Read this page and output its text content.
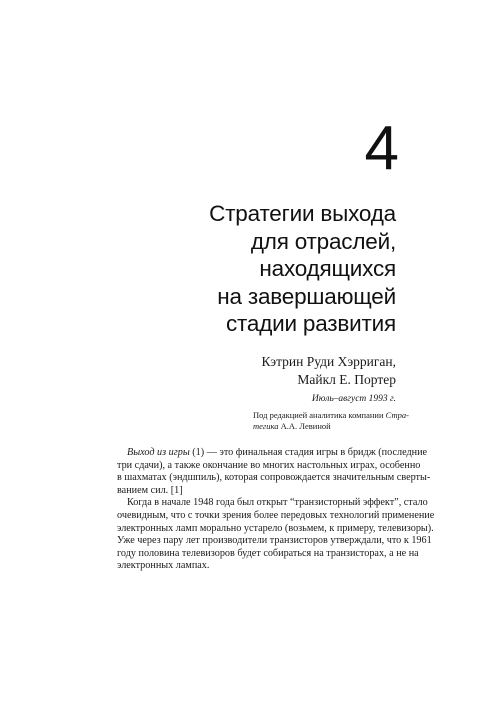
4
Стратегии выхода
для отраслей,
находящихся
на завершающей
стадии развития
Кэтрин Руди Хэрриган,
Майкл Е. Портер
Июль–август 1993 г.
Под редакцией аналитика компании Стра-
тегика А.А. Левиной
Выход из игры (1) — это финальная стадия игры в бридж (последние
три сдачи), а также окончание во многих настольных играх, особенно
в шахматах (эндшпиль), которая сопровождается значительным сверты-
ванием сил. [1]
Когда в начале 1948 года был открыт “транзисторный эффект”, стало
очевидным, что с точки зрения более передовых технологий применение
электронных ламп морально устарело (возьмем, к примеру, телевизоры).
Уже через пару лет производители транзисторов утверждали, что к 1961
году половина телевизоров будет собираться на транзисторах, а не на
электронных лампах.
